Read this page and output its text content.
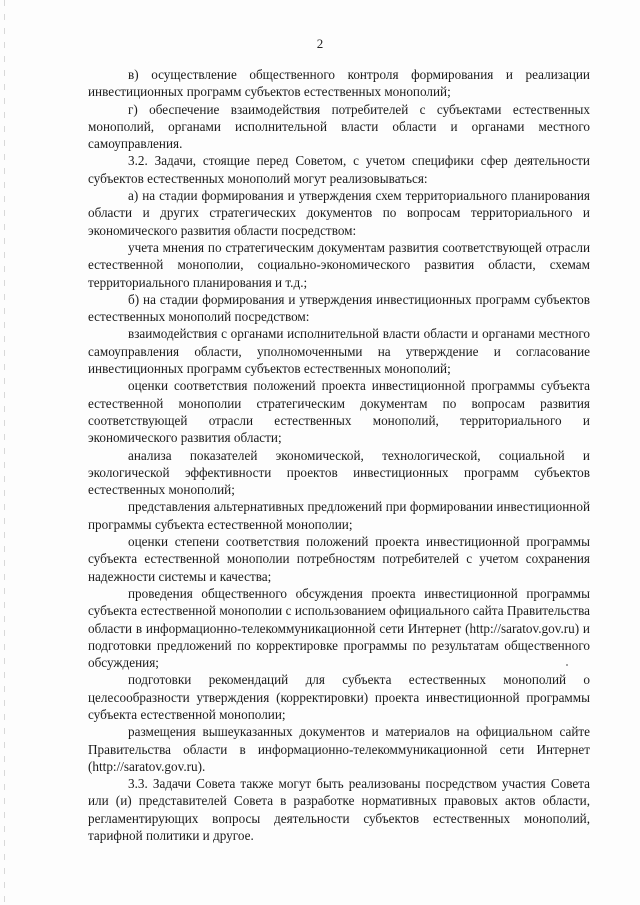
2

в) осуществление общественного контроля формирования и реализации инвестиционных программ субъектов естественных монополий;

г) обеспечение взаимодействия потребителей с субъектами естественных монополий, органами исполнительной власти области и органами местного самоуправления.

3.2. Задачи, стоящие перед Советом, с учетом специфики сфер деятельности субъектов естественных монополий могут реализовываться:

а) на стадии формирования и утверждения схем территориального планирования области и других стратегических документов по вопросам территориального и экономического развития области посредством:

учета мнения по стратегическим документам развития соответствующей отрасли естественной монополии, социально-экономического развития области, схемам территориального планирования и т.д.;

б) на стадии формирования и утверждения инвестиционных программ субъектов естественных монополий посредством:

взаимодействия с органами исполнительной власти области и органами местного самоуправления области, уполномоченными на утверждение и согласование инвестиционных программ субъектов естественных монополий;

оценки соответствия положений проекта инвестиционной программы субъекта естественной монополии стратегическим документам по вопросам развития соответствующей отрасли естественных монополий, территориального и экономического развития области;

анализа показателей экономической, технологической, социальной и экологической эффективности проектов инвестиционных программ субъектов естественных монополий;

представления альтернативных предложений при формировании инвестиционной программы субъекта естественной монополии;

оценки степени соответствия положений проекта инвестиционной программы субъекта естественной монополии потребностям потребителей с учетом сохранения надежности системы и качества;

проведения общественного обсуждения проекта инвестиционной программы субъекта естественной монополии с использованием официального сайта Правительства области в информационно-телекоммуникационной сети Интернет (http://saratov.gov.ru) и подготовки предложений по корректировке программы по результатам общественного обсуждения;

подготовки рекомендаций для субъекта естественных монополий о целесообразности утверждения (корректировки) проекта инвестиционной программы субъекта естественной монополии;

размещения вышеуказанных документов и материалов на официальном сайте Правительства области в информационно-телекоммуникационной сети Интернет (http://saratov.gov.ru).

3.3. Задачи Совета также могут быть реализованы посредством участия Совета или (и) представителей Совета в разработке нормативных правовых актов области, регламентирующих вопросы деятельности субъектов естественных монополий, тарифной политики и другое.
